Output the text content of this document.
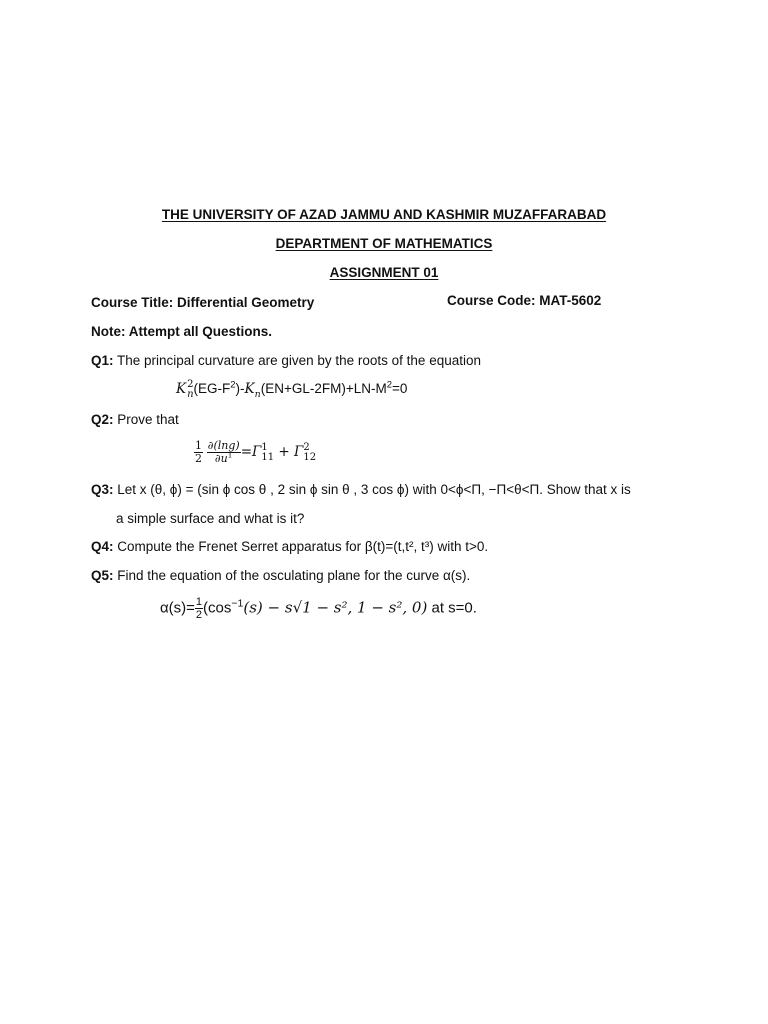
THE UNIVERSITY OF AZAD JAMMU AND KASHMIR MUZAFFARABAD
DEPARTMENT OF MATHEMATICS
ASSIGNMENT 01
Course Title: Differential Geometry	Course Code: MAT-5602
Note: Attempt all Questions.
Q1: The principal curvature are given by the roots of the equation
K 2
n $(EG-F^2)-K_n(EN+GL-2FM)+LN-M^2=0$
Q2: Prove that
$\frac{1}{2}$
$\frac{\partial(\ln g)}{\partial u^1} =\Gamma$ 1
11 + Γ 2
12
Q3: Let x (θ, ϕ) = (sin ϕ cos θ , 2 sin ϕ sin θ , 3 cos ϕ) with 0<ϕ<Π, −Π<θ<Π. Show that x is
a simple surface and what is it?
Q4: Compute the Frenet Serret apparatus for β(t)=(t,t², t³) with t>0.
Q5: Find the equation of the osculating plane for the curve α(s).
$\alpha(s)= \frac{1}{2} (\cos^{-1}(s) - s√1 - s^2$, 1 − s², 0) at s=0.
